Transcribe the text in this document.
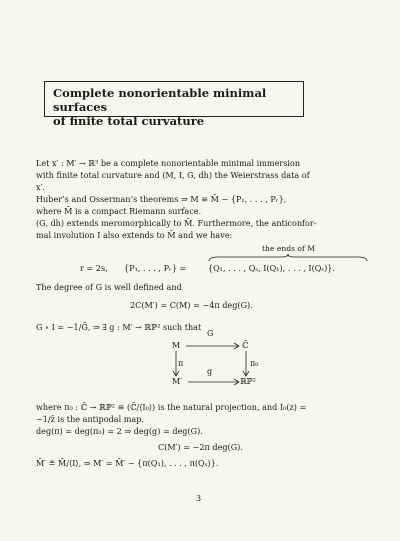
Complete nonorientable minimal surfaces
of finite total curvature
Let x′ : M′ → ℝ³ be a complete nonorientable minimal immersion
with finite total curvature and (M, I, G, dh) the Weierstrass data of
x′.
Huber’s and Osserman’s theorems ⇒ M ≡ M̄ − {P₁, . . . , Pᵣ},
where M̄ is a compact Riemann surface.
(G, dh) extends meromorphically to M̄. Furthermore, the anticonfor-
mal involution I also extends to M̄ and we have:
the ends of M
r = 2s, {P₁, . . . , Pᵣ} =	{Q₁, . . . , Qₛ, I(Q₁), . . . , I(Qₛ)}.
The degree of G is well defined and
2C(M′) = C(M) = −4π deg(G).
G ∘ I = −1/Ḡ, ⇒ ∃ g : M′ → ℝℙ² such that
M
G
ℂ̄
π	π₀
M′
g
ℝℙ²
where π₀ : ℂ̄ → ℝℙ² ≡ (ℂ̄/⟨I₀⟩) is the natural projection, and I₀(z) =
−1/z̄ is the antipodal map.
deg(π) = deg(π₀) = 2 ⇒ deg(g) = deg(G).
C(M′) = −2π deg(G).
M̄′ ≝ M̄/⟨I⟩, ⇒ M′ = M̄′ − {π(Q₁), . . . , π(Qₛ)}.
3
